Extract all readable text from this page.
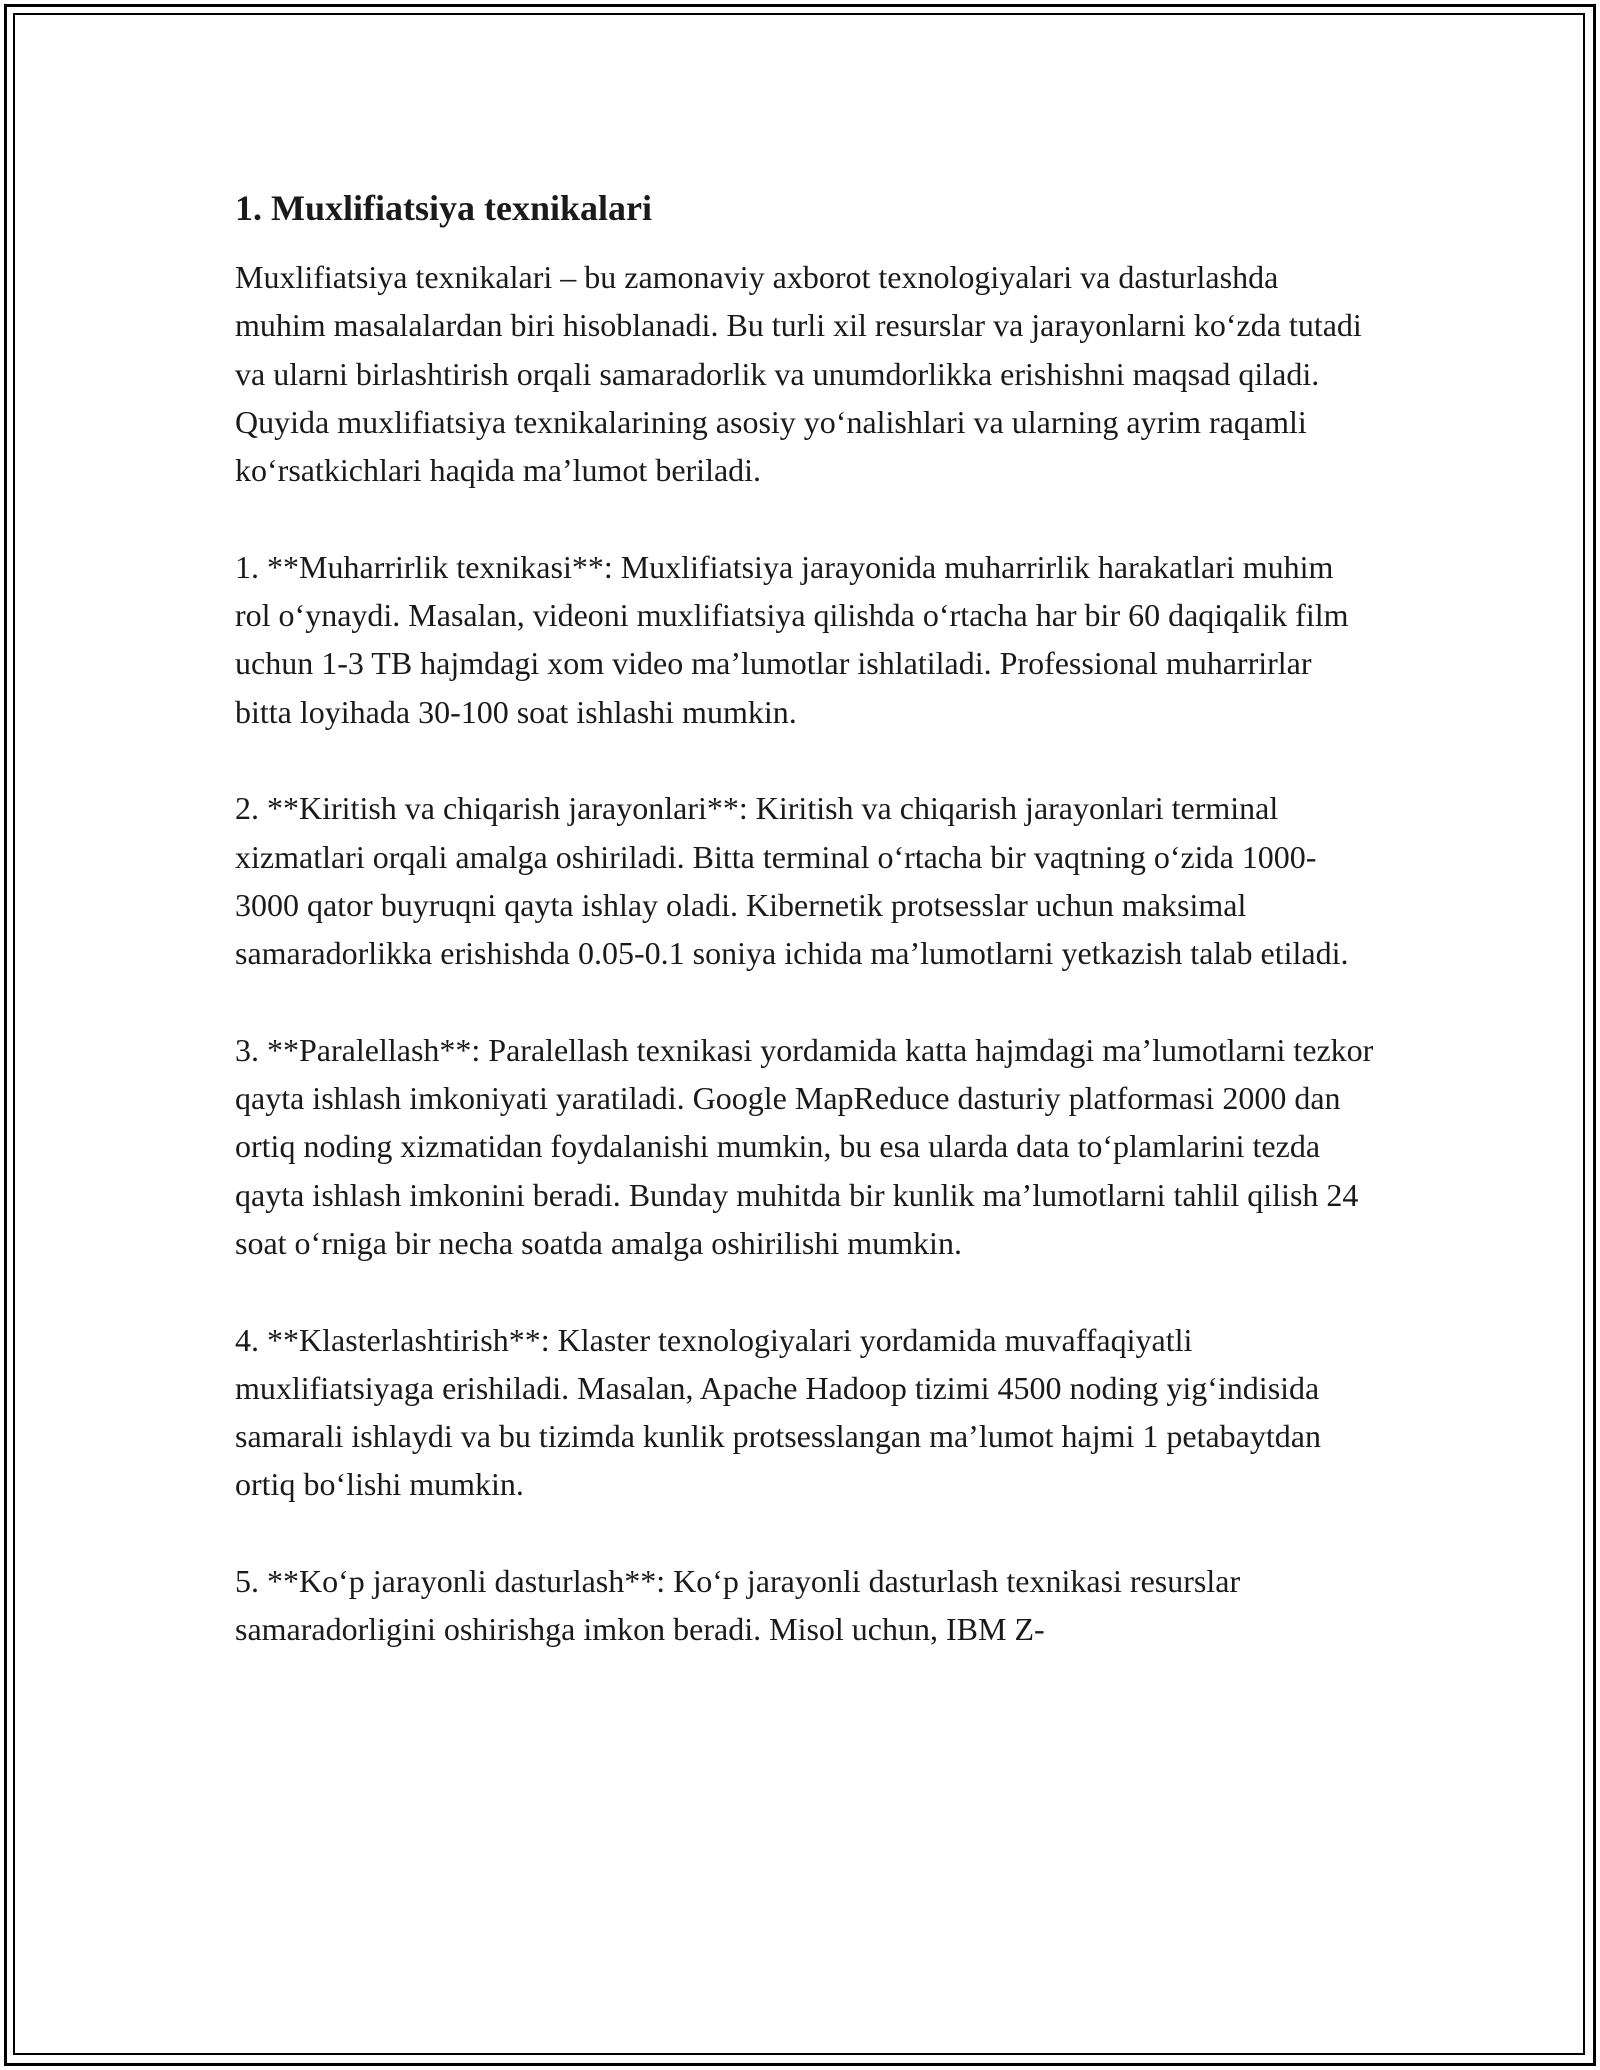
1. Muxlifiatsiya texnikalari

Muxlifiatsiya texnikalari – bu zamonaviy axborot texnologiyalari va dasturlashda muhim masalalardan biri hisoblanadi. Bu turli xil resurslar va jarayonlarni koʻzda tutadi va ularni birlashtirish orqali samaradorlik va unumdorlikka erishishni maqsad qiladi. Quyida muxlifiatsiya texnikalarining asosiy yoʻnalishlari va ularning ayrim raqamli koʻrsatkichlari haqida ma’lumot beriladi.

1. **Muharrirlik texnikasi**: Muxlifiatsiya jarayonida muharrirlik harakatlari muhim rol oʻynaydi. Masalan, videoni muxlifiatsiya qilishda oʻrtacha har bir 60 daqiqalik film uchun 1-3 TB hajmdagi xom video ma’lumotlar ishlatiladi. Professional muharrirlar bitta loyihada 30-100 soat ishlashi mumkin.

2. **Kiritish va chiqarish jarayonlari**: Kiritish va chiqarish jarayonlari terminal xizmatlari orqali amalga oshiriladi. Bitta terminal oʻrtacha bir vaqtning oʻzida 1000-3000 qator buyruqni qayta ishlay oladi. Kibernetik protsesslar uchun maksimal samaradorlikka erishishda 0.05-0.1 soniya ichida ma’lumotlarni yetkazish talab etiladi.

3. **Paralellash**: Paralellash texnikasi yordamida katta hajmdagi ma’lumotlarni tezkor qayta ishlash imkoniyati yaratiladi. Google MapReduce dasturiy platformasi 2000 dan ortiq noding xizmatidan foydalanishi mumkin, bu esa ularda data toʻplamlarini tezda qayta ishlash imkonini beradi. Bunday muhitda bir kunlik ma’lumotlarni tahlil qilish 24 soat oʻrniga bir necha soatda amalga oshirilishi mumkin.

4. **Klasterlashtirish**: Klaster texnologiyalari yordamida muvaffaqiyatli muxlifiatsiyaga erishiladi. Masalan, Apache Hadoop tizimi 4500 noding yigʻindisida samarali ishlaydi va bu tizimda kunlik protsesslangan ma’lumot hajmi 1 petabaytdan ortiq boʻlishi mumkin.

5. **Koʻp jarayonli dasturlash**: Koʻp jarayonli dasturlash texnikasi resurslar samaradorligini oshirishga imkon beradi. Misol uchun, IBM Z-
